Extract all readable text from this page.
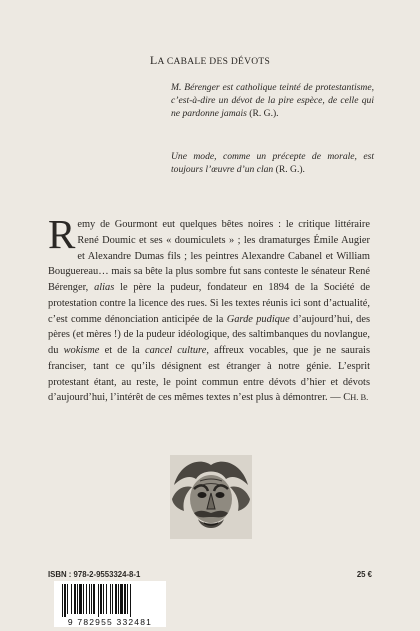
LA CABALE DES DÉVOTS
M. Bérenger est catholique teinté de protestantisme, c’est-à-dire un dévot de la pire espèce, de celle qui ne pardonne jamais (R. G.).
Une mode, comme un précepte de morale, est toujours l’œuvre d’un clan (R. G.).
Remy de Gourmont eut quelques bêtes noires : le critique littéraire René Doumic et ses « doumiculets » ; les dramaturges Émile Augier et Alexandre Dumas fils ; les peintres Alexandre Cabanel et William Bouguereau… mais sa bête la plus sombre fut sans conteste le sénateur René Bérenger, alias le père la pudeur, fondateur en 1894 de la Société de protestation contre la licence des rues. Si les textes réunis ici sont d’actualité, c’est comme dénonciation anticipée de la Garde pudique d’aujourd’hui, des pères (et mères !) de la pudeur idéologique, des saltimbanques du novlangue, du wokisme et de la cancel culture, affreux vocables, que je ne saurais franciser, tant ce qu’ils désignent est étranger à notre génie. L’esprit protestant étant, au reste, le point commun entre dévots d’hier et dévots d’aujourd’hui, l’intérêt de ces mêmes textes n’est plus à démontrer. — CH. B.
ISBN : 978-2-9553324-8-1	25 €
9 782955 332481
